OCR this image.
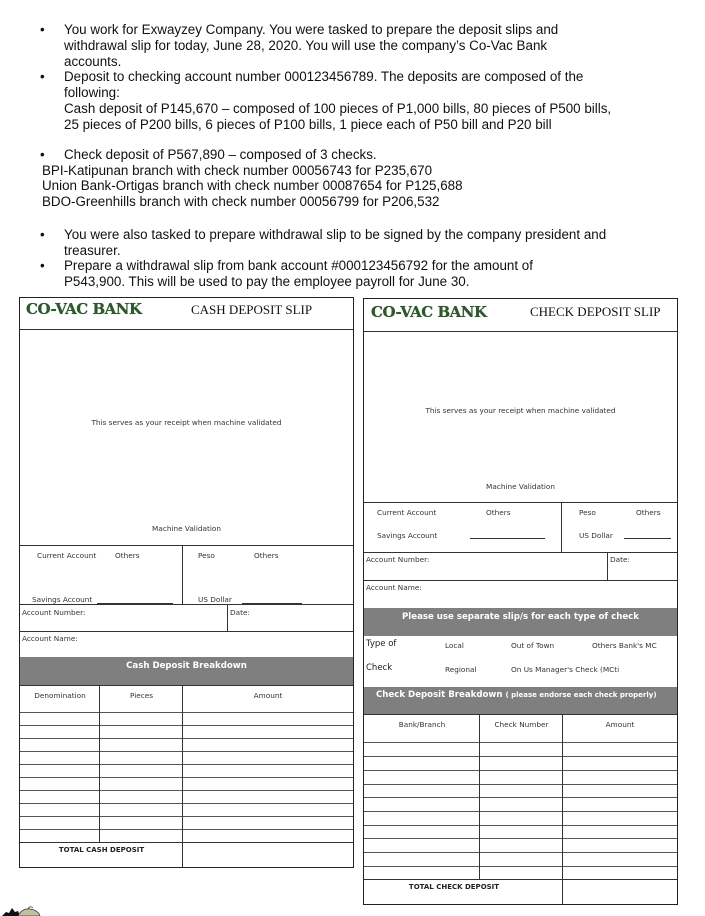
•	You work for Exwayzey Company. You were tasked to prepare the deposit slips and
withdrawal slip for today, June 28, 2020. You will use the company’s Co-Vac Bank
accounts.
•	Deposit to checking account number 000123456789. The deposits are composed of the
following:
Cash deposit of P145,670 – composed of 100 pieces of P1,000 bills, 80 pieces of P500 bills,
25 pieces of P200 bills, 6 pieces of P100 bills, 1 piece each of P50 bill and P20 bill
•	Check deposit of P567,890 – composed of 3 checks.
BPI-Katipunan branch with check number 00056743 for P235,670
Union Bank-Ortigas branch with check number 00087654 for P125,688
BDO-Greenhills branch with check number 00056799 for P206,532
•	You were also tasked to prepare withdrawal slip to be signed by the company president and
treasurer.
•	Prepare a withdrawal slip from bank account #000123456792 for the amount of
P543,900. This will be used to pay the employee payroll for June 30.
CO-VAC BANK	CASH DEPOSIT SLIP
This serves as your receipt when machine validated
Machine Validation
Current Account	Others
Savings Account
Peso	Others
US Dollar
Account Number:	Date:
Account Name:
Cash Deposit Breakdown
Denomination	Pieces	Amount
TOTAL CASH DEPOSIT
CO-VAC BANK	CHECK DEPOSIT SLIP
This serves as your receipt when machine validated
Machine Validation
Current Account	Others
Savings Account
Peso	Others
US Dollar
Account Number:	Date:
Account Name:
Please use separate slip/s for each type of check
Type of
Check
Local	Out of Town	Others Bank's MC
Regional	On Us Manager's Check (MCti
Check Deposit Breakdown ( please endorse each check properly)
Bank/Branch	Check Number	Amount
TOTAL CHECK DEPOSIT
